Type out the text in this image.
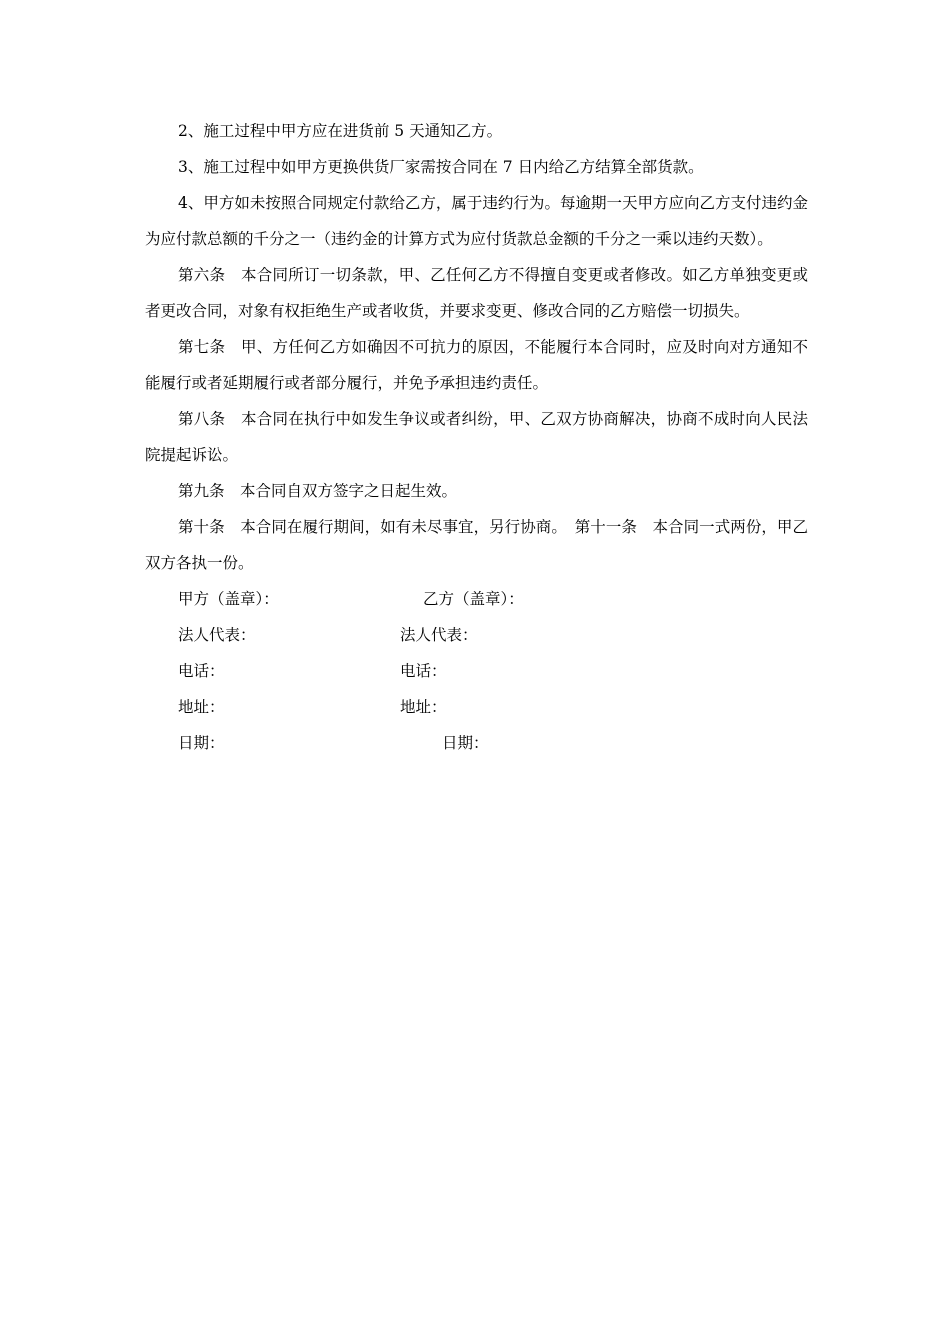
2、施工过程中甲方应在进货前 5 天通知乙方。

3、施工过程中如甲方更换供货厂家需按合同在 7 日内给乙方结算全部货款。

4、甲方如未按照合同规定付款给乙方，属于违约行为。每逾期一天甲方应向乙方支付违约金为应付款总额的千分之一（违约金的计算方式为应付货款总金额的千分之一乘以违约天数）。

第六条　本合同所订一切条款，甲、乙任何乙方不得擅自变更或者修改。如乙方单独变更或者更改合同，对象有权拒绝生产或者收货，并要求变更、修改合同的乙方赔偿一切损失。

第七条　甲、方任何乙方如确因不可抗力的原因，不能履行本合同时，应及时向对方通知不能履行或者延期履行或者部分履行，并免予承担违约责任。

第八条　本合同在执行中如发生争议或者纠纷，甲、乙双方协商解决，协商不成时向人民法院提起诉讼。

第九条　本合同自双方签字之日起生效。

第十条　本合同在履行期间，如有未尽事宜，另行协商。　第十一条　本合同一式两份，甲乙双方各执一份。

甲方（盖章）：	乙方（盖章）：
法人代表：	法人代表：
电话：	电话：
地址：	地址：
日期：	日期：
